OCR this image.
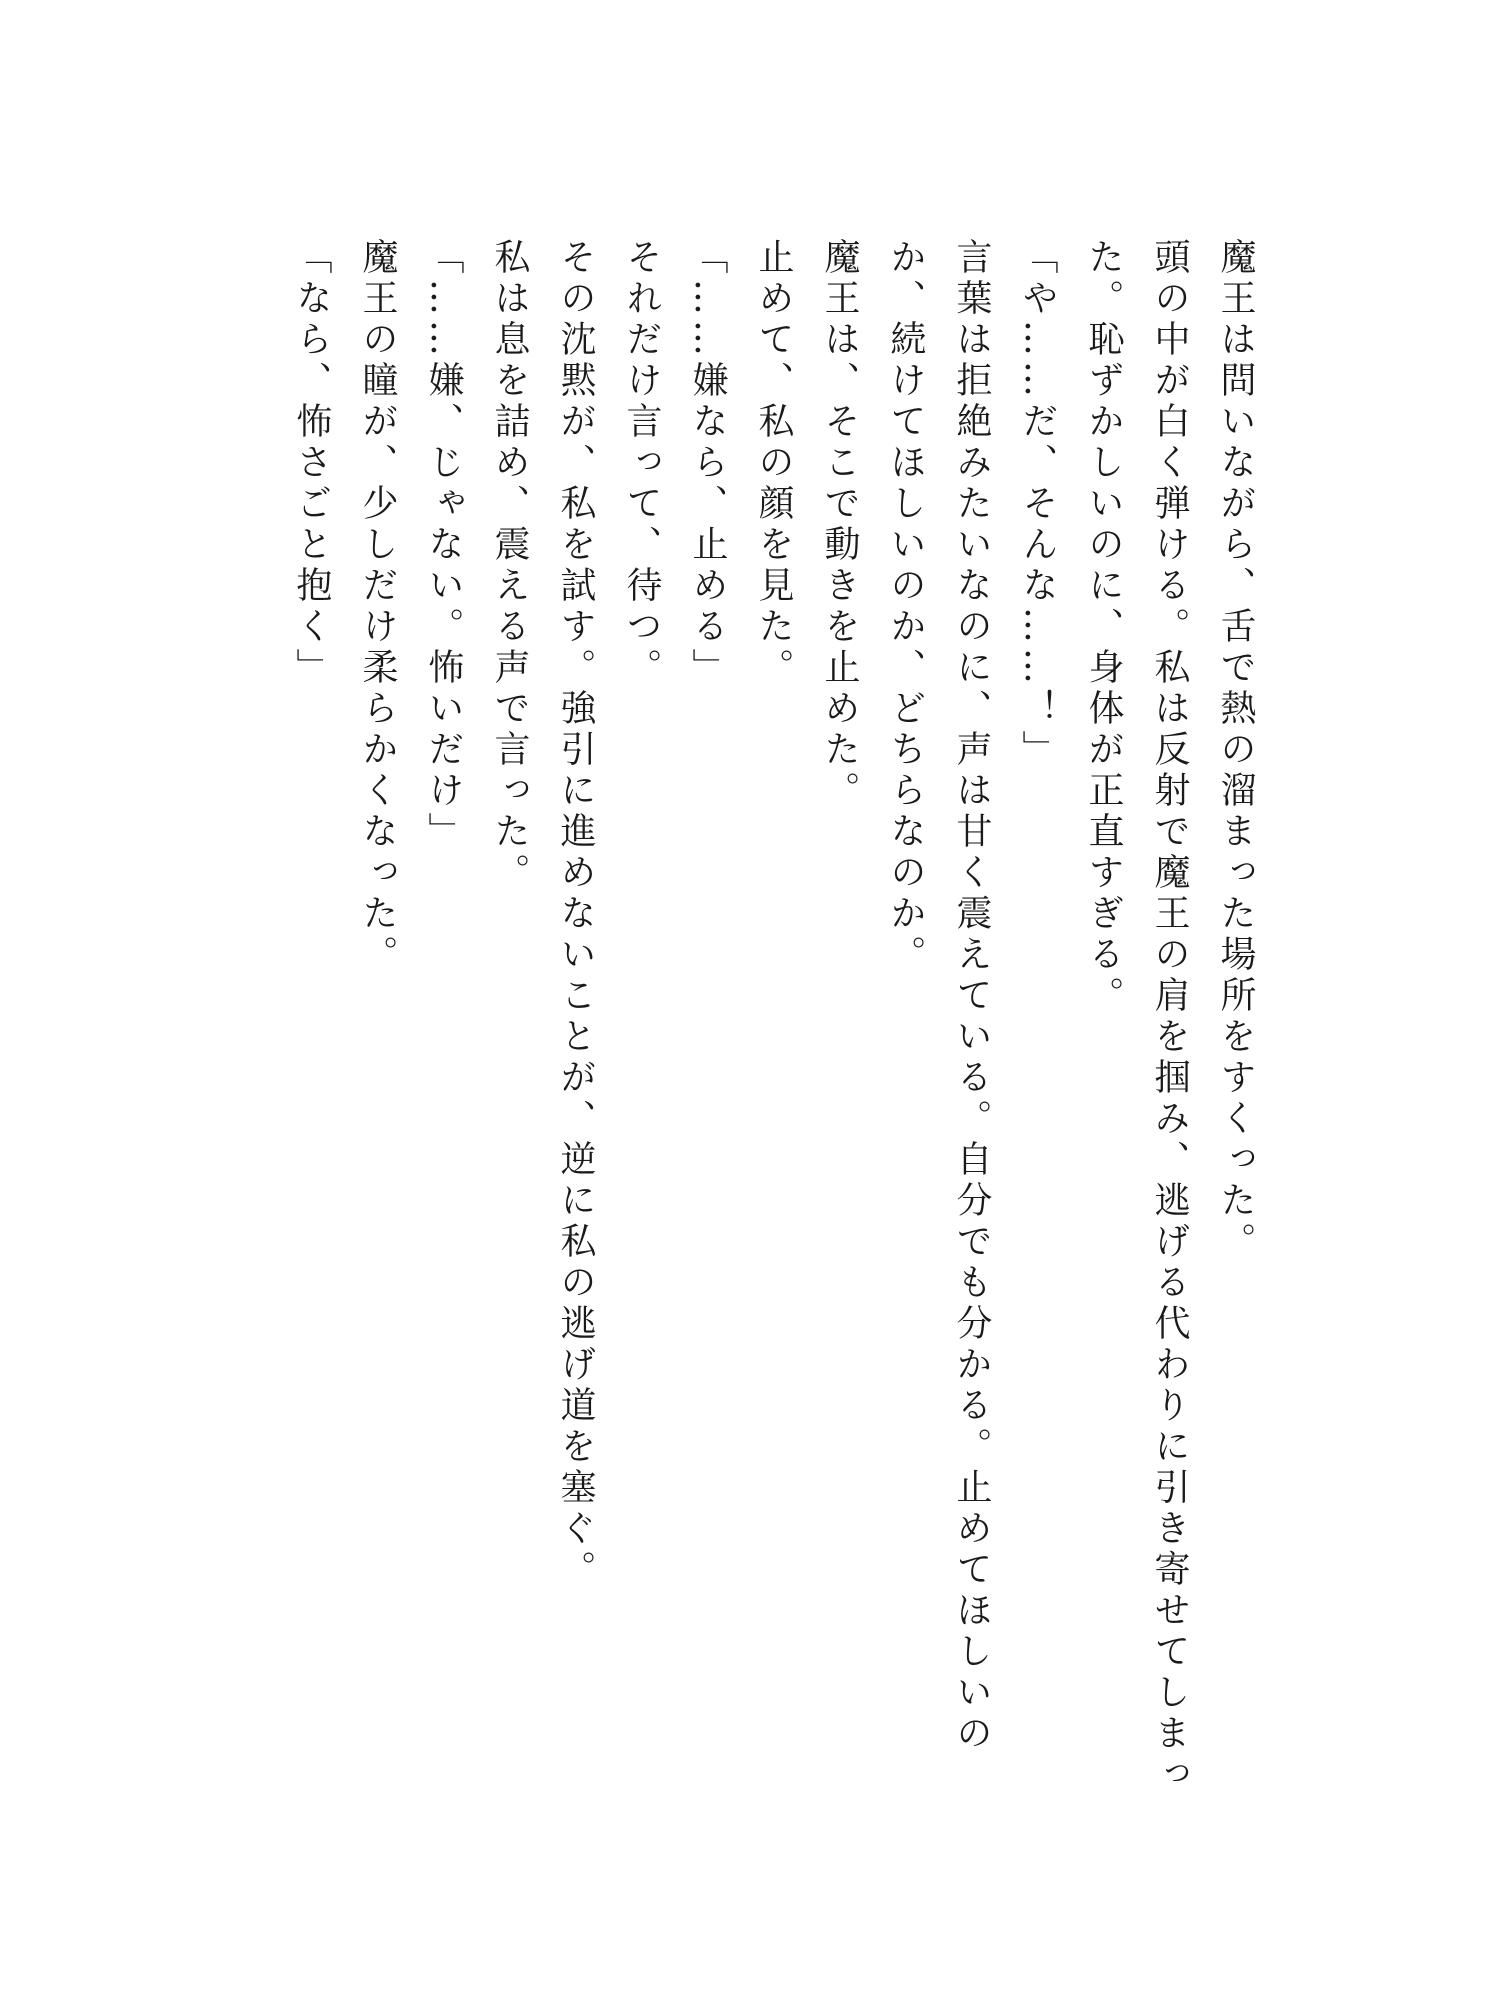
魔王は問いながら、舌で熱の溜まった場所をすくった。

頭の中が白く弾ける。私は反射で魔王の肩を掴み、逃げる代わりに引き寄せてしまった。恥ずかしいのに、身体が正直すぎる。

「や……だ、そんな……！」

言葉は拒絶みたいなのに、声は甘く震えている。自分でも分かる。止めてほしいのか、続けてほしいのか、どちらなのか。

魔王は、そこで動きを止めた。

止めて、私の顔を見た。

「……嫌なら、止める」

それだけ言って、待つ。

その沈黙が、私を試す。強引に進めないことが、逆に私の逃げ道を塞ぐ。

私は息を詰め、震える声で言った。

「……嫌、じゃない。怖いだけ」

魔王の瞳が、少しだけ柔らかくなった。

「なら、怖さごと抱く」
